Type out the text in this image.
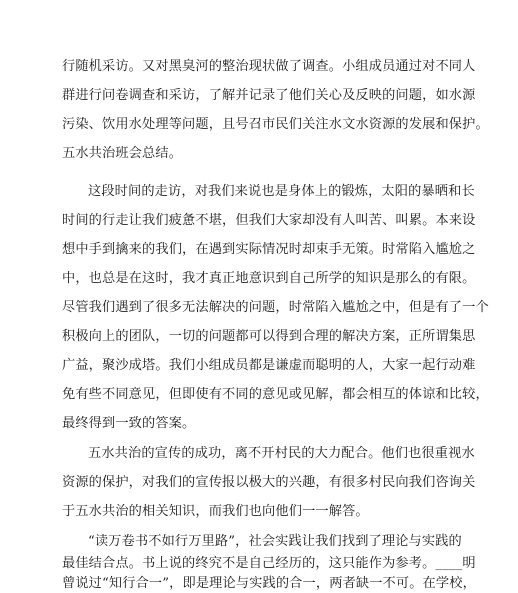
行随机采访。又对黑臭河的整治现状做了调查。小组成员通过对不同人
群进行问卷调查和采访，了解并记录了他们关心及反映的问题，如水源
污染、饮用水处理等问题，且号召市民们关注水文水资源的发展和保护。
五水共治班会总结。
这段时间的走访，对我们来说也是身体上的锻炼，太阳的暴晒和长
时间的行走让我们疲惫不堪，但我们大家却没有人叫苦、叫累。本来设
想中手到擒来的我们，在遇到实际情况时却束手无策。时常陷入尴尬之
中，也总是在这时，我才真正地意识到自己所学的知识是那么的有限。
尽管我们遇到了很多无法解决的问题，时常陷入尴尬之中，但是有了一个
积极向上的团队，一切的问题都可以得到合理的解决方案，正所谓集思
广益，聚沙成塔。我们小组成员都是谦虚而聪明的人，大家一起行动难
免有些不同意见，但即使有不同的意见或见解，都会相互的体谅和比较，
最终得到一致的答案。
五水共治的宣传的成功，离不开村民的大力配合。他们也很重视水
资源的保护，对我们的宣传报以极大的兴趣，有很多村民向我们咨询关
于五水共治的相关知识，而我们也向他们一一解答。
“读万卷书不如行万里路”，社会实践让我们找到了理论与实践的
最佳结合点。书上说的终究不是自己经历的，这只能作为参考。____明
曾说过“知行合一”，即是理论与实践的合一，两者缺一不可。在学校，
